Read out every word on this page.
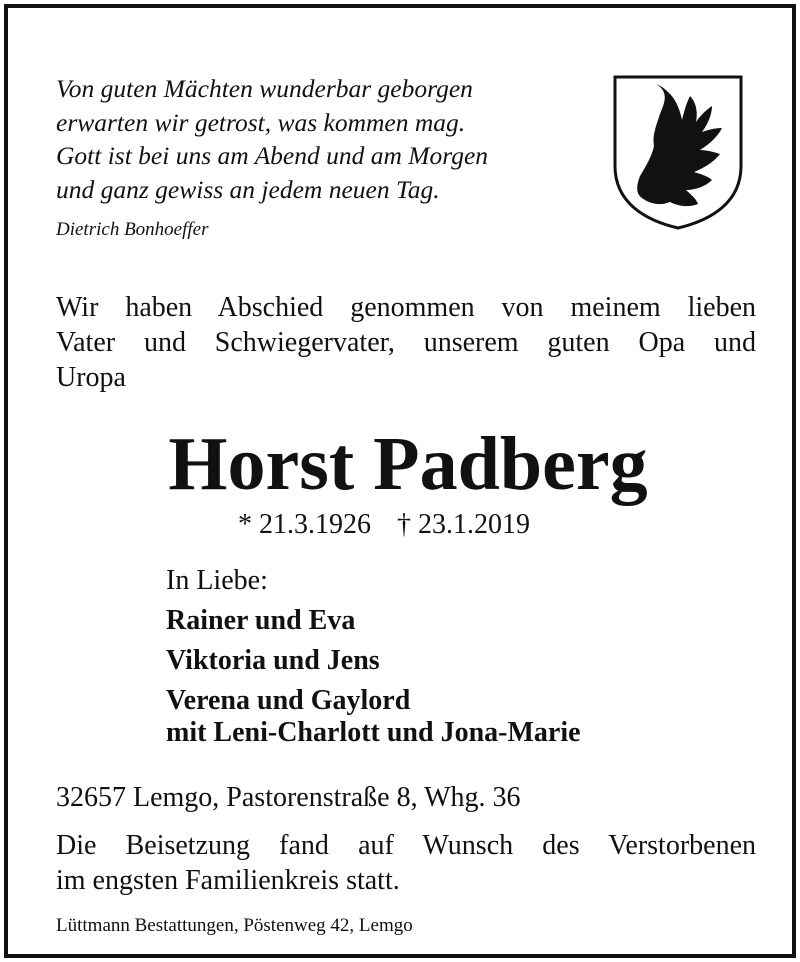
Von guten Mächten wunderbar geborgen
erwarten wir getrost, was kommen mag.
Gott ist bei uns am Abend und am Morgen
und ganz gewiss an jedem neuen Tag.
Dietrich Bonhoeffer
Wir haben Abschied genommen von meinem lieben
Vater und Schwiegervater, unserem guten Opa und
Uropa
Horst Padberg
* 21.3.1926 † 23.1.2019
In Liebe:
Rainer und Eva
Viktoria und Jens
Verena und Gaylord
mit Leni-Charlott und Jona-Marie
32657 Lemgo, Pastorenstraße 8, Whg. 36
Die Beisetzung fand auf Wunsch des Verstorbenen
im engsten Familienkreis statt.
Lüttmann Bestattungen, Pöstenweg 42, Lemgo
